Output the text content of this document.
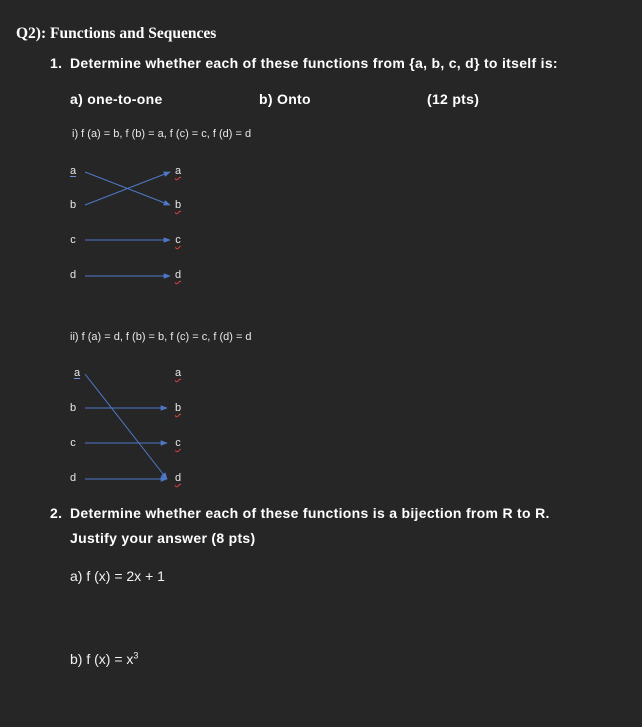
Q2): Functions and Sequences
1. Determine whether each of these functions from {a, b, c, d} to itself is:
a) one-to-one	b) Onto	(12 pts)
i) f (a) = b, f (b) = a, f (c) = c, f (d) = d
a
b
c
d
a
b
c
d
ii) f (a) = d, f (b) = b, f (c) = c, f (d) = d
a
b
c
d
a
b
c
d
2. Determine whether each of these functions is a bijection from R to R.
Justify your answer (8 pts)
a) f (x) = 2x + 1
b) f $(x) = x^3$
